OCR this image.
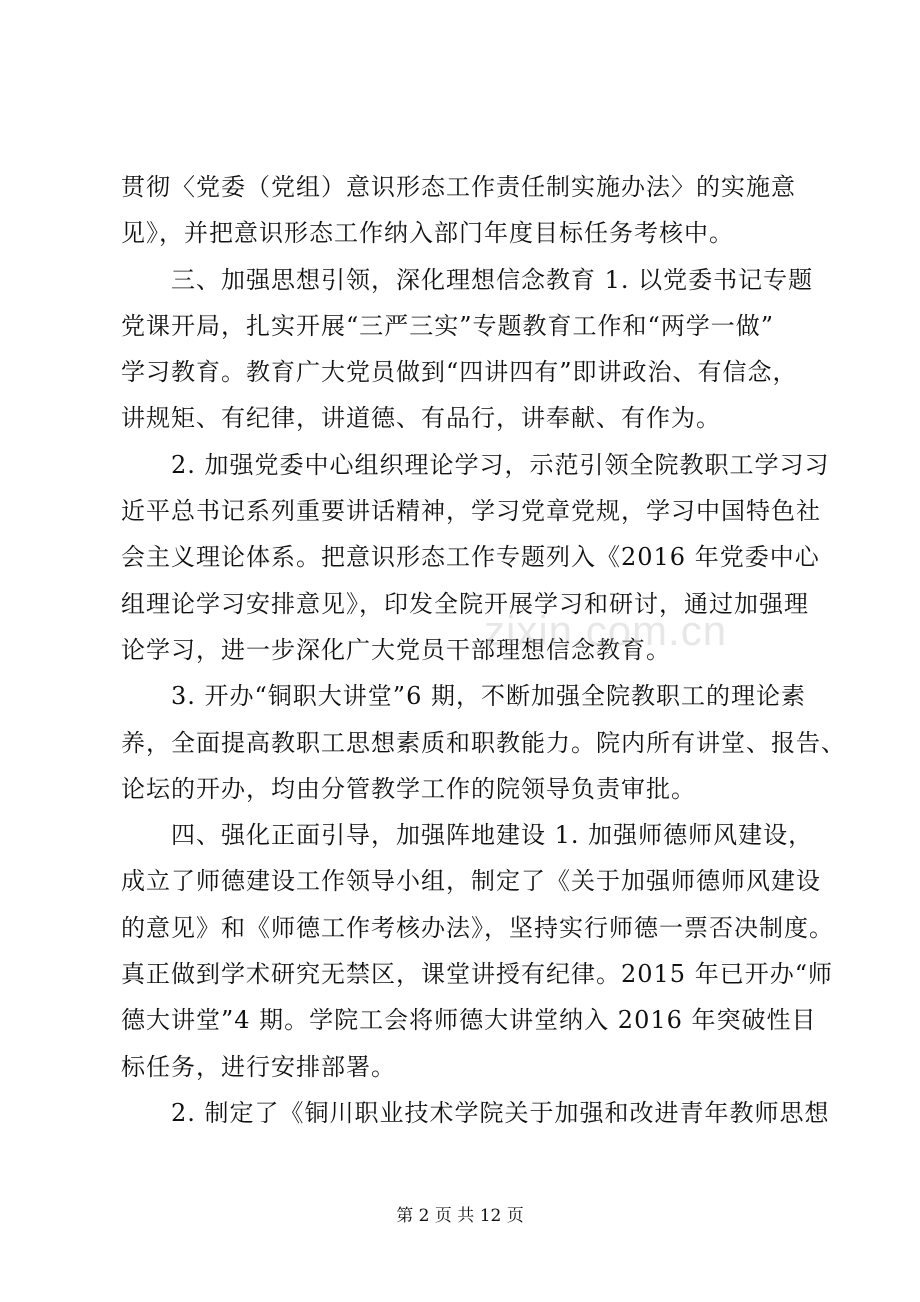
贯彻〈党委（党组）意识形态工作责任制实施办法〉的实施意
见》，并把意识形态工作纳入部门年度目标任务考核中。
　　三、加强思想引领，深化理想信念教育 1. 以党委书记专题
党课开局，扎实开展“三严三实”专题教育工作和“两学一做”
学习教育。教育广大党员做到“四讲四有”即讲政治、有信念，
讲规矩、有纪律，讲道德、有品行，讲奉献、有作为。
　　2. 加强党委中心组织理论学习，示范引领全院教职工学习习
近平总书记系列重要讲话精神，学习党章党规，学习中国特色社
会主义理论体系。把意识形态工作专题列入《2016 年党委中心
组理论学习安排意见》，印发全院开展学习和研讨，通过加强理
论学习，进一步深化广大党员干部理想信念教育。
　　3. 开办“铜职大讲堂”6 期，不断加强全院教职工的理论素
养，全面提高教职工思想素质和职教能力。院内所有讲堂、报告、
论坛的开办，均由分管教学工作的院领导负责审批。
　　四、强化正面引导，加强阵地建设 1. 加强师德师风建设，
成立了师德建设工作领导小组，制定了《关于加强师德师风建设
的意见》和《师德工作考核办法》，坚持实行师德一票否决制度。
真正做到学术研究无禁区，课堂讲授有纪律。2015 年已开办“师
德大讲堂”4 期。学院工会将师德大讲堂纳入 2016 年突破性目
标任务，进行安排部署。
　　2. 制定了《铜川职业技术学院关于加强和改进青年教师思想
zixin.com.cn
第 2 页 共 12 页
